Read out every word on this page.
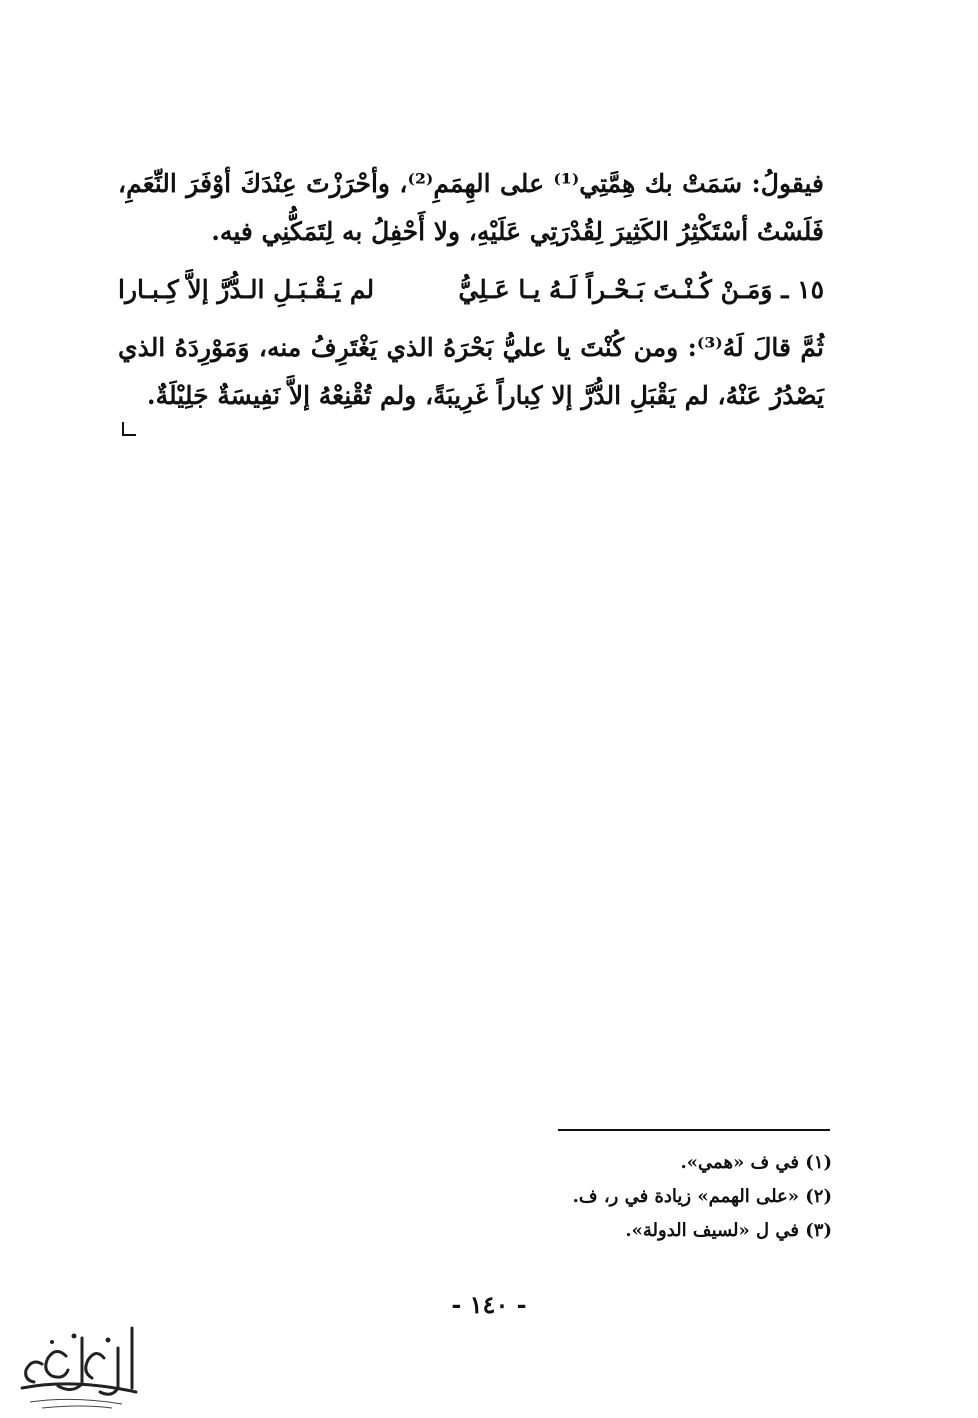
فيقولُ: سَمَتْ بك هِمَّتِي⁽¹⁾ على الهِمَمِ⁽²⁾، وأحْرَزْتَ عِنْدَكَ أوْفَرَ النِّعَمِ، فَلَسْتُ أسْتَكْثِرُ الكَثِيرَ لِقُدْرَتِي عَلَيْهِ، ولا أَحْفِلُ به لِتَمَكُّنِي فيه.

١٥ ـ وَمَـنْ كُـنْـتَ بَـحْـراً لَـهُ يـا عَـلِيُّ
لم يَـقْـبَـلِ الـدُّرَّ إلاَّ كِـبـارا

ثُمَّ قالَ لَهُ⁽³⁾: ومن كُنْتَ يا عليُّ بَحْرَهُ الذي يَغْتَرِفُ منه، وَمَوْرِدَهُ الذي يَصْدُرُ عَنْهُ، لم يَقْبَلِ الدُّرَّ إلا كِباراً غَرِيبَةً، ولم تُقْنِعْهُ إلاَّ نَفِيسَةٌ جَلِيْلَةٌ.

(١) في ف «همي».
(٢) «على الهمم» زيادة في ر، ف.
(٣) في ل «لسيف الدولة».
- ١٤٠ -
